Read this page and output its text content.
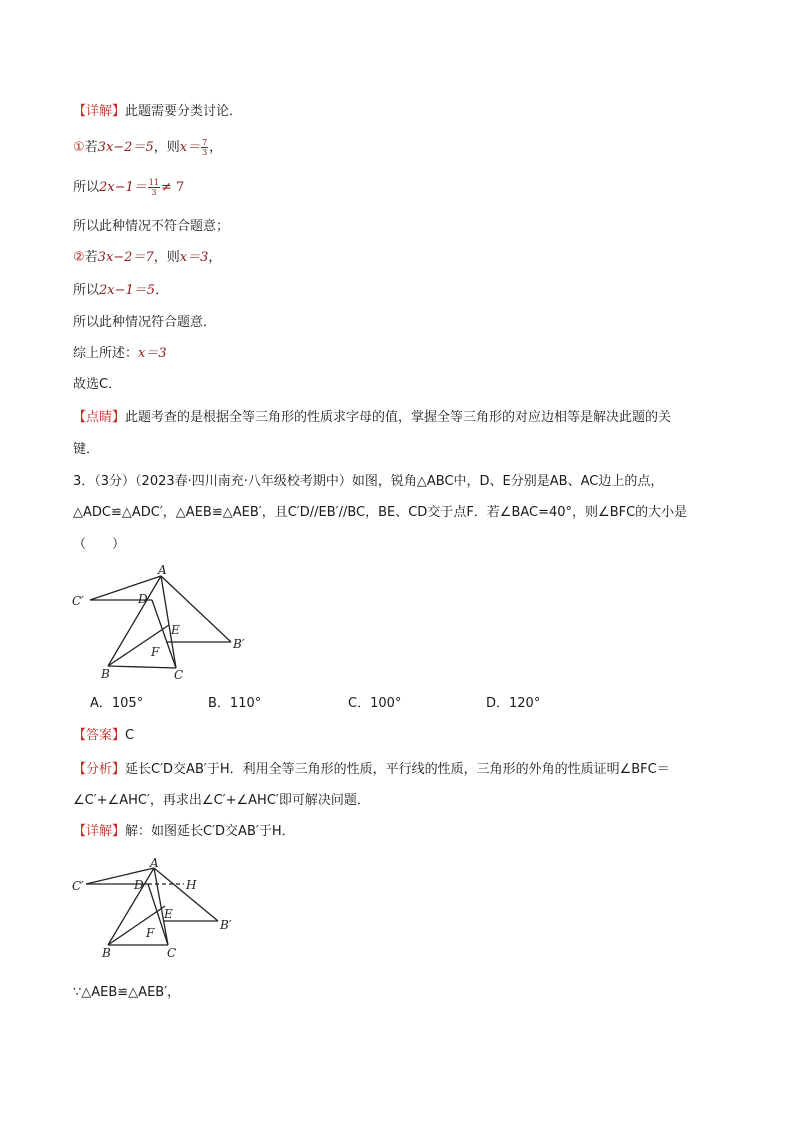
【详解】此题需要分类讨论．
①若3x−2＝5，则$x= \frac{7}{3}$ ，
所以$2x-1= \frac{11}{3} \ne 7$
所以此种情况不符合题意；
②若3x−2＝7，则x＝3，
所以2x−1＝5．
所以此种情况符合题意．
综上所述：x＝3
故选C．
【点睛】此题考查的是根据全等三角形的性质求字母的值，掌握全等三角形的对应边相等是解决此题的关
键．
3．（3分）（2023春·四川南充·八年级校考期中）如图，锐角△ABC中，D、E分别是AB、AC边上的点，
△ADC≌△ADC′，△AEB≌△AEB′，且C′D//EB′//BC，BE、CD交于点F．若∠BAC=40°，则∠BFC的大小是
（　　）
A
C′	D
E
B′
F
B	C
A．105°	B．110°	C．100°	D．120°
【答案】C
【分析】延长C′D交AB′于H．利用全等三角形的性质，平行线的性质，三角形的外角的性质证明∠BFC＝
∠C′+∠AHC′，再求出∠C′+∠AHC′即可解决问题．
【详解】解：如图延长C′D交AB′于H．
A
C′	D	H
E
B′
F
B	C
∵△AEB≌△AEB′，
